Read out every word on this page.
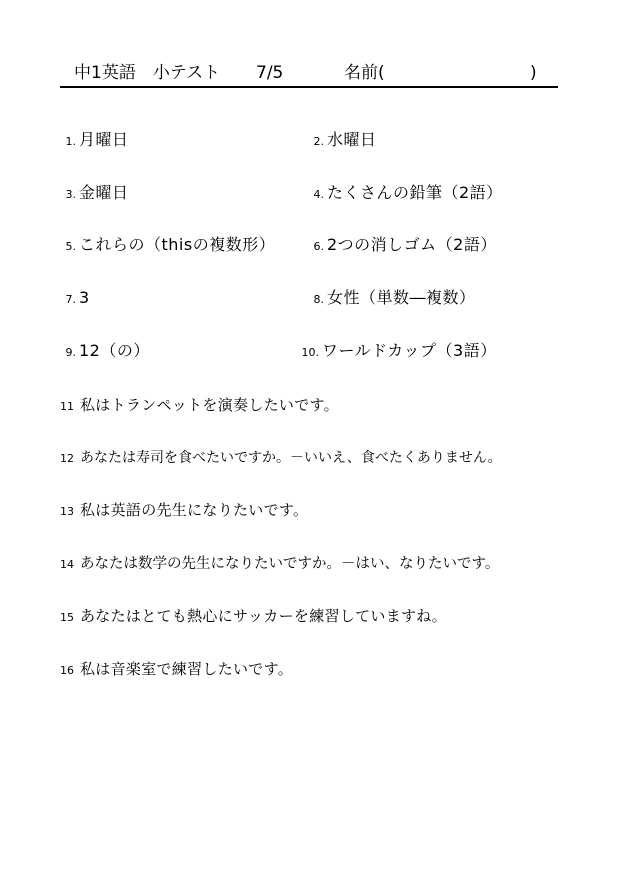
中1英語　小テスト 7/5	名前(	)
1. 月曜日	2. 水曜日
3. 金曜日	4. たくさんの鉛筆（2語）
5. これらの（thisの複数形）	6. 2つの消しゴム（2語）
7. 3	8. 女性（単数―複数）
9. 12（の）	10. ワールドカップ（3語）
11 私はトランペットを演奏したいです。
12 あなたは寿司を食べたいですか。－いいえ、食べたくありません。
13 私は英語の先生になりたいです。
14 あなたは数学の先生になりたいですか。－はい、なりたいです。
15 あなたはとても熱心にサッカーを練習していますね。
16 私は音楽室で練習したいです。
